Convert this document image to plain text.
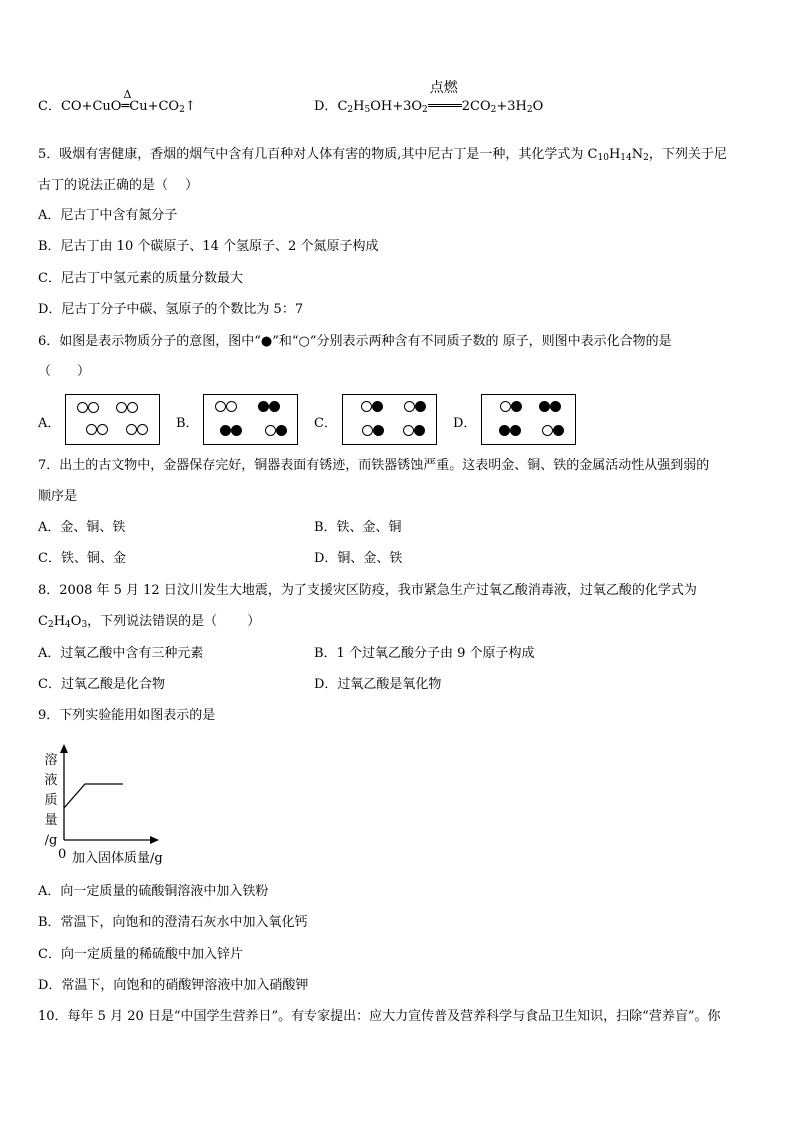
C．CO+CuO
Δ
$═Cu+CO_2↑$	D．$C_2H_5OH+3O_2$
点燃
$2CO_2+3H_2O$
5．吸烟有害健康，香烟的烟气中含有几百种对人体有害的物质,其中尼古丁是一种，其化学式为 $C_{10}H_{14}N_2$，下列关于尼
古丁的说法正确的是（　 ）
A．尼古丁中含有氮分子
B．尼古丁由 10 个碳原子、14 个氢原子、2 个氮原子构成
C．尼古丁中氢元素的质量分数最大
D．尼古丁分子中碳、氢原子的个数比为 5：7
6．如图是表示物质分子的意图，图中“●”和“○”分别表示两种含有不同质子数的 原子，则图中表示化合物的是
（　　）
A．	B．	C．	D．
7．出土的古文物中，金器保存完好，铜器表面有锈迹，而铁器锈蚀严重。这表明金、铜、铁的金属活动性从强到弱的
顺序是
A．金、铜、铁	B．铁、金、铜
C．铁、铜、金	D．铜、金、铁
8．2008 年 5 月 12 日汶川发生大地震，为了支援灾区防疫，我市紧急生产过氧乙酸消毒液，过氧乙酸的化学式为
$C_2H_4O_3$，下列说法错误的是（　　 ）
A．过氧乙酸中含有三种元素	B．1 个过氧乙酸分子由 9 个原子构成
C．过氧乙酸是化合物	D．过氧乙酸是氧化物
9．下列实验能用如图表示的是
溶
液
质
量
/g
0 加入固体质量/g
A．向一定质量的硫酸铜溶液中加入铁粉
B．常温下，向饱和的澄清石灰水中加入氧化钙
C．向一定质量的稀硫酸中加入锌片
D．常温下，向饱和的硝酸钾溶液中加入硝酸钾
10．每年 5 月 20 日是“中国学生营养日”。有专家提出：应大力宣传普及营养科学与食品卫生知识，扫除“营养盲”。你
